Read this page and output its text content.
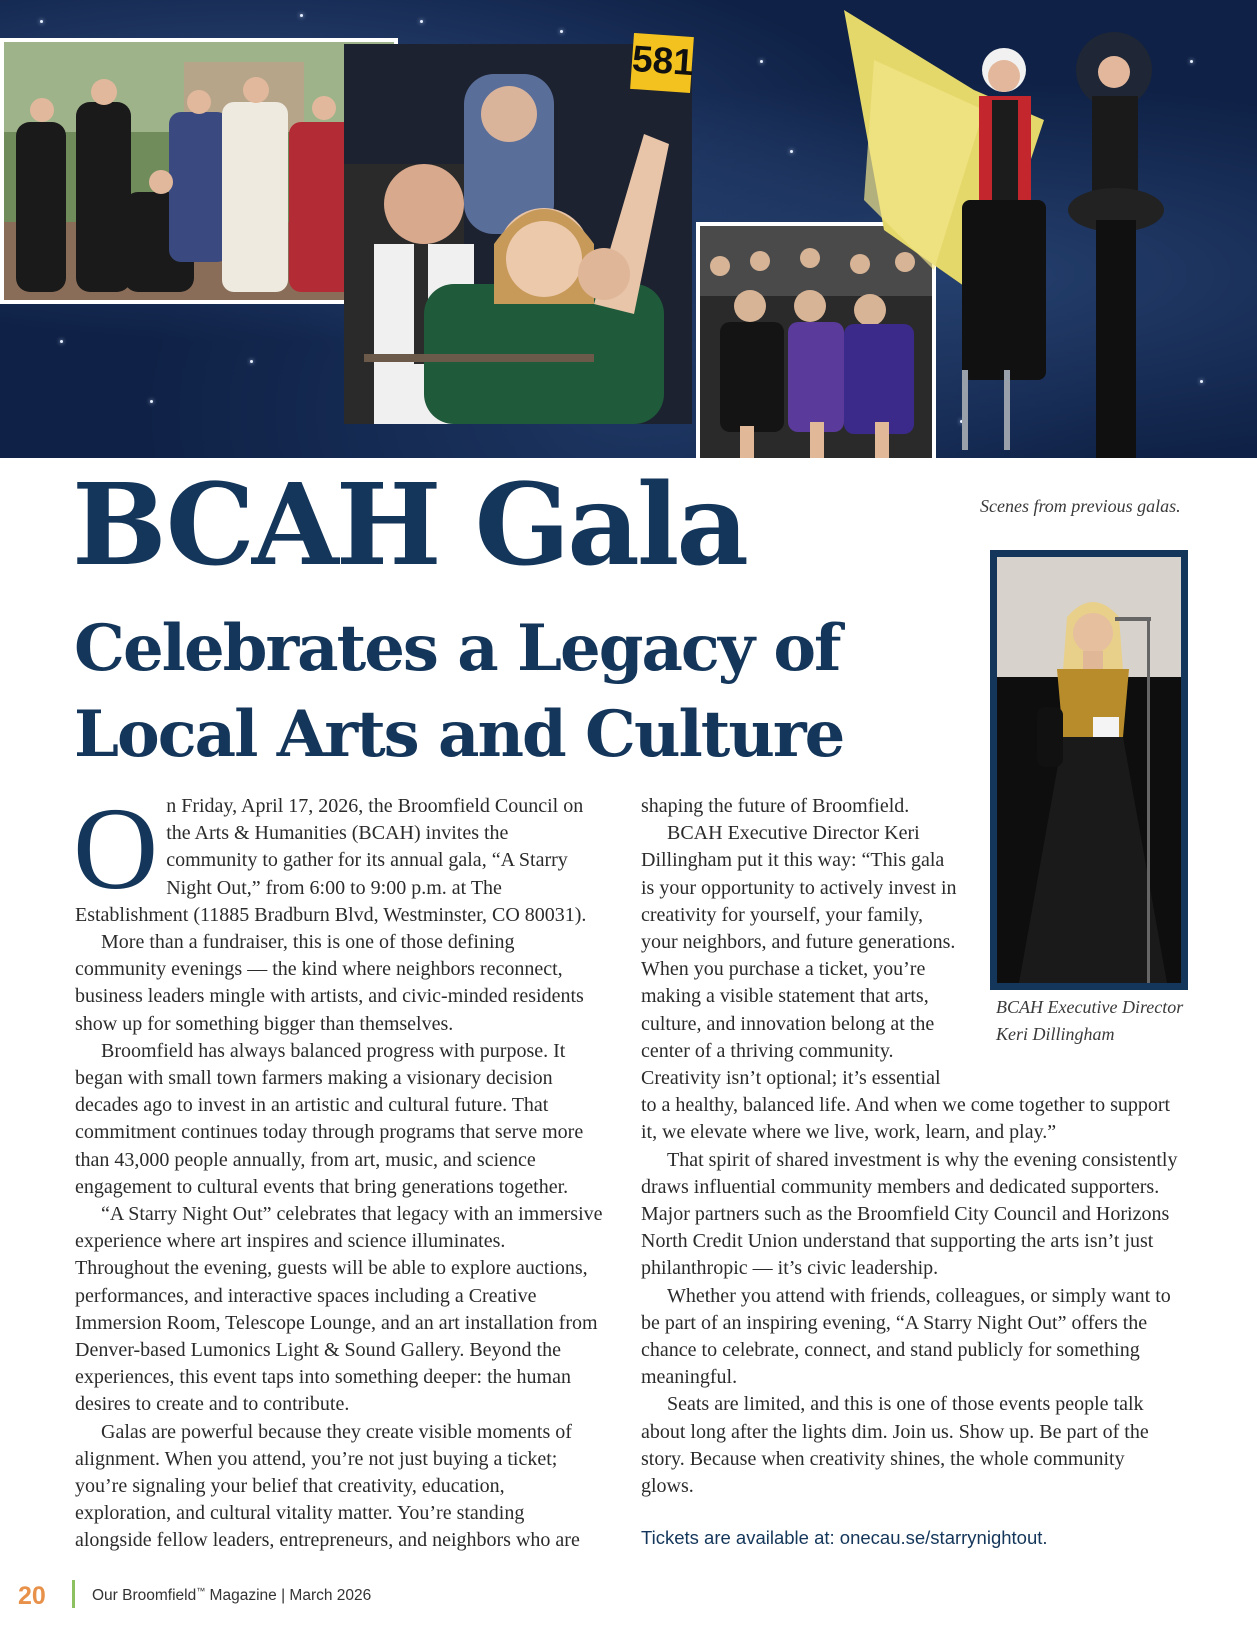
581
Scenes from previous galas.
BCAH Gala
Celebrates a Legacy of Local Arts and Culture
BCAH Executive Director Keri Dillingham

On Friday, April 17, 2026, the Broomfield Council on the Arts & Humanities (BCAH) invites the community to gather for its annual gala, “A Starry Night Out,” from 6:00 to 9:00 p.m. at The Establishment (11885 Bradburn Blvd, Westminster, CO 80031).

More than a fundraiser, this is one of those defining community evenings — the kind where neighbors reconnect, business leaders mingle with artists, and civic-minded residents show up for something bigger than themselves.

Broomfield has always balanced progress with purpose. It began with small town farmers making a visionary decision decades ago to invest in an artistic and cultural future. That commitment continues today through programs that serve more than 43,000 people annually, from art, music, and science engagement to cultural events that bring generations together.

“A Starry Night Out” celebrates that legacy with an immersive experience where art inspires and science illuminates. Throughout the evening, guests will be able to explore auctions, performances, and interactive spaces including a Creative Immersion Room, Telescope Lounge, and an art installation from Denver-based Lumonics Light & Sound Gallery. Beyond the experiences, this event taps into something deeper: the human desires to create and to contribute.

Galas are powerful because they create visible moments of alignment. When you attend, you’re not just buying a ticket; you’re signaling your belief that creativity, education, exploration, and cultural vitality matter. You’re standing alongside fellow leaders, entrepreneurs, and neighbors who are

shaping the future of Broomfield.

BCAH Executive Director Keri Dillingham put it this way: “This gala is your opportunity to actively invest in creativity for yourself, your family, your neighbors, and future generations. When you purchase a ticket, you’re making a visible statement that arts, culture, and innovation belong at the center of a thriving community. Creativity isn’t optional; it’s essential

to a healthy, balanced life. And when we come together to support it, we elevate where we live, work, learn, and play.”

That spirit of shared investment is why the evening consistently draws influential community members and dedicated supporters. Major partners such as the Broomfield City Council and Horizons North Credit Union understand that supporting the arts isn’t just philanthropic — it’s civic leadership.

Whether you attend with friends, colleagues, or simply want to be part of an inspiring evening, “A Starry Night Out” offers the chance to celebrate, connect, and stand publicly for something meaningful.

Seats are limited, and this is one of those events people talk about long after the lights dim. Join us. Show up. Be part of the story. Because when creativity shines, the whole community glows.

Tickets are available at: onecau.se/starrynightout.

20	Our Broomfield™ Magazine | March 2026
